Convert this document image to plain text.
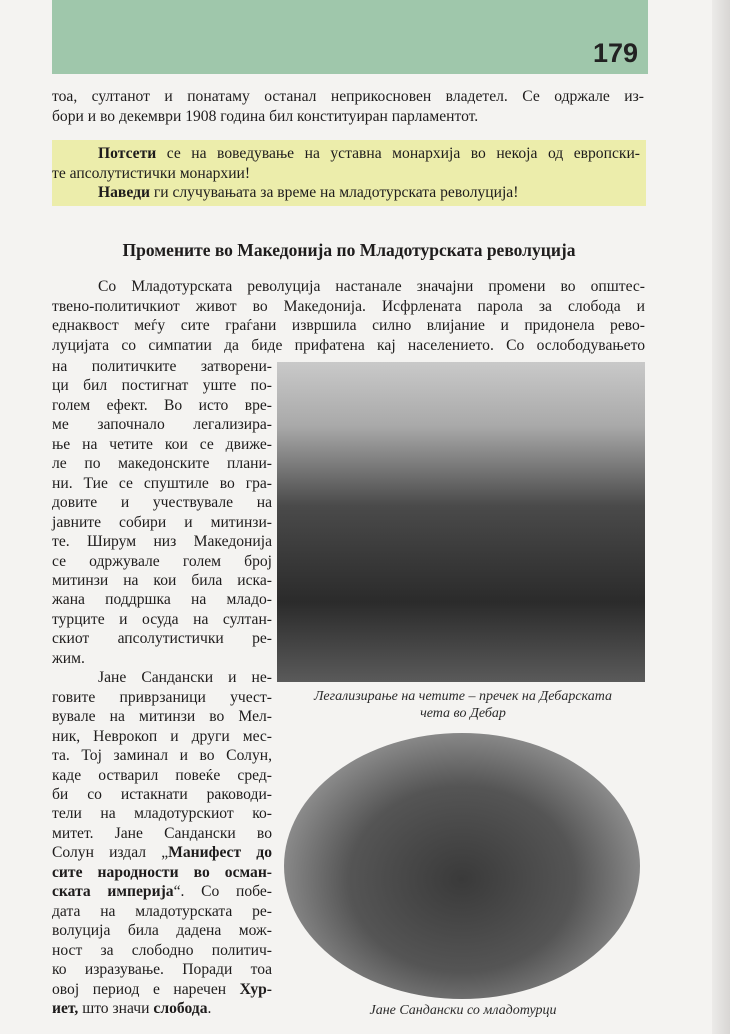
179
тоа, султанот и понатаму останал неприкосновен владетел. Се одржале из-
бори и во декември 1908 година бил конституиран парламентот.
Потсети се на воведување на уставна монархија во некоја од европски-
те апсолутистички монархии!
Наведи ги случувањата за време на младотурската револуција!
Промените во Македонија по Младотурската револуција
Со Младотурската револуција настанале значајни промени во општес-
твено-политичкиот живот во Македонија. Исфрлената парола за слобода и
еднаквост меѓу сите граѓани извршила силно влијание и придонела рево-
луцијата со симпатии да биде прифатена кај населението. Со ослободувањето
на политичките затворени-
ци бил постигнат уште по-
голем ефект. Во исто вре-
ме започнало легализира-
ње на четите кои се движе-
ле по македонските плани-
ни. Тие се спуштиле во гра-
довите и учествувале на
јавните собири и митинзи-
те. Ширум низ Македонија
се одржувале голем број
митинзи на кои била иска-
жана поддршка на младо-
турците и осуда на султан-
скиот апсолутистички ре-
жим.
Јане Сандански и не-
говите приврзаници учест-
вувале на митинзи во Мел-
ник, Неврокоп и други мес-
та. Тој заминал и во Солун,
каде остварил повеќе сред-
би со истакнати раководи-
тели на младотурскиот ко-
митет. Јане Сандански во
Солун издал „Манифест до
сите народности во осман-
ската империја“. Со побе-
дата на младотурската ре-
волуција била дадена мож-
ност за слободно политич-
ко изразување. Поради тоа
овој период е наречен Хур-
иет, што значи слобода.
Легализирање на четите – пречек на Дебарската
чета во Дебар
Јане Сандански со младотурци
